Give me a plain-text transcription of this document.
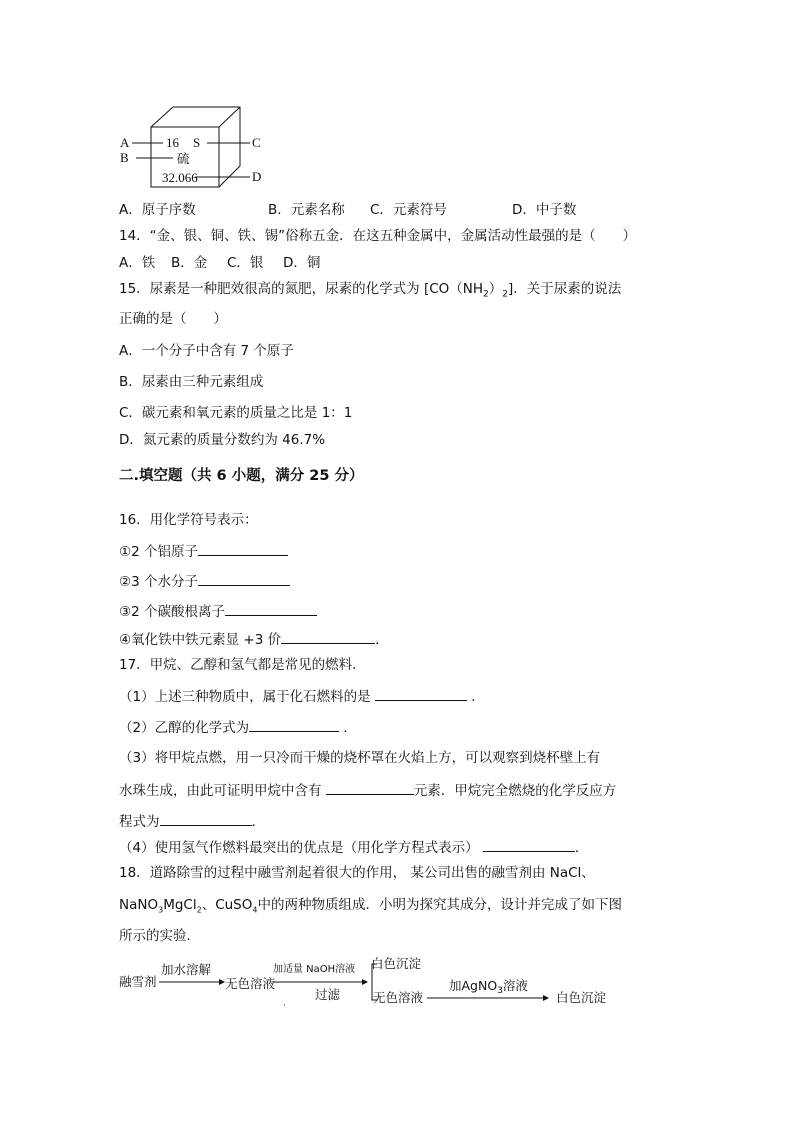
A
B
C
D
16 S
硫
32.066
A．原子序数	B．元素名称 C．元素符号	D．中子数
14．“金、银、铜、铁、锡”俗称五金．在这五种金属中，金属活动性最强的是（　　）
A．铁 B．金 C．银 D．铜
15．尿素是一种肥效很高的氮肥，尿素的化学式为 $[CO(NH_2)_2]$．关于尿素的说法
正确的是（　　）
A．一个分子中含有 7 个原子
B．尿素由三种元素组成
C．碳元素和氧元素的质量之比是 1：1
D．氮元素的质量分数约为 46.7%
二.填空题（共 6 小题，满分 25 分）
16．用化学符号表示：
①2 个铝原子
②3 个水分子
③2 个碳酸根离子
④氧化铁中铁元素显 +3 价	．
17．甲烷、乙醇和氢气都是常见的燃料．
（1）上述三种物质中，属于化石燃料的是	．
（2）乙醇的化学式为	．
（3）将甲烷点燃，用一只冷而干燥的烧杯罩在火焰上方，可以观察到烧杯壁上有
水珠生成，由此可证明甲烷中含有	元素．甲烷完全燃烧的化学反应方
程式为	．
（4）使用氢气作燃料最突出的优点是（用化学方程式表示）	．
18．道路除雪的过程中融雪剂起着很大的作用， 某公司出售的融雪剂由 NaCl、
NaNO$_3$MgCl$_2$、CuSO$_4$中的两种物质组成．小明为探究其成分，设计并完成了如下图
所示的实验．
融雪剂
加水溶解
无色溶液
加适量 NaOH溶液
过滤
·
白色沉淀
无色溶液
加AgNO$_3$溶液
白色沉淀
